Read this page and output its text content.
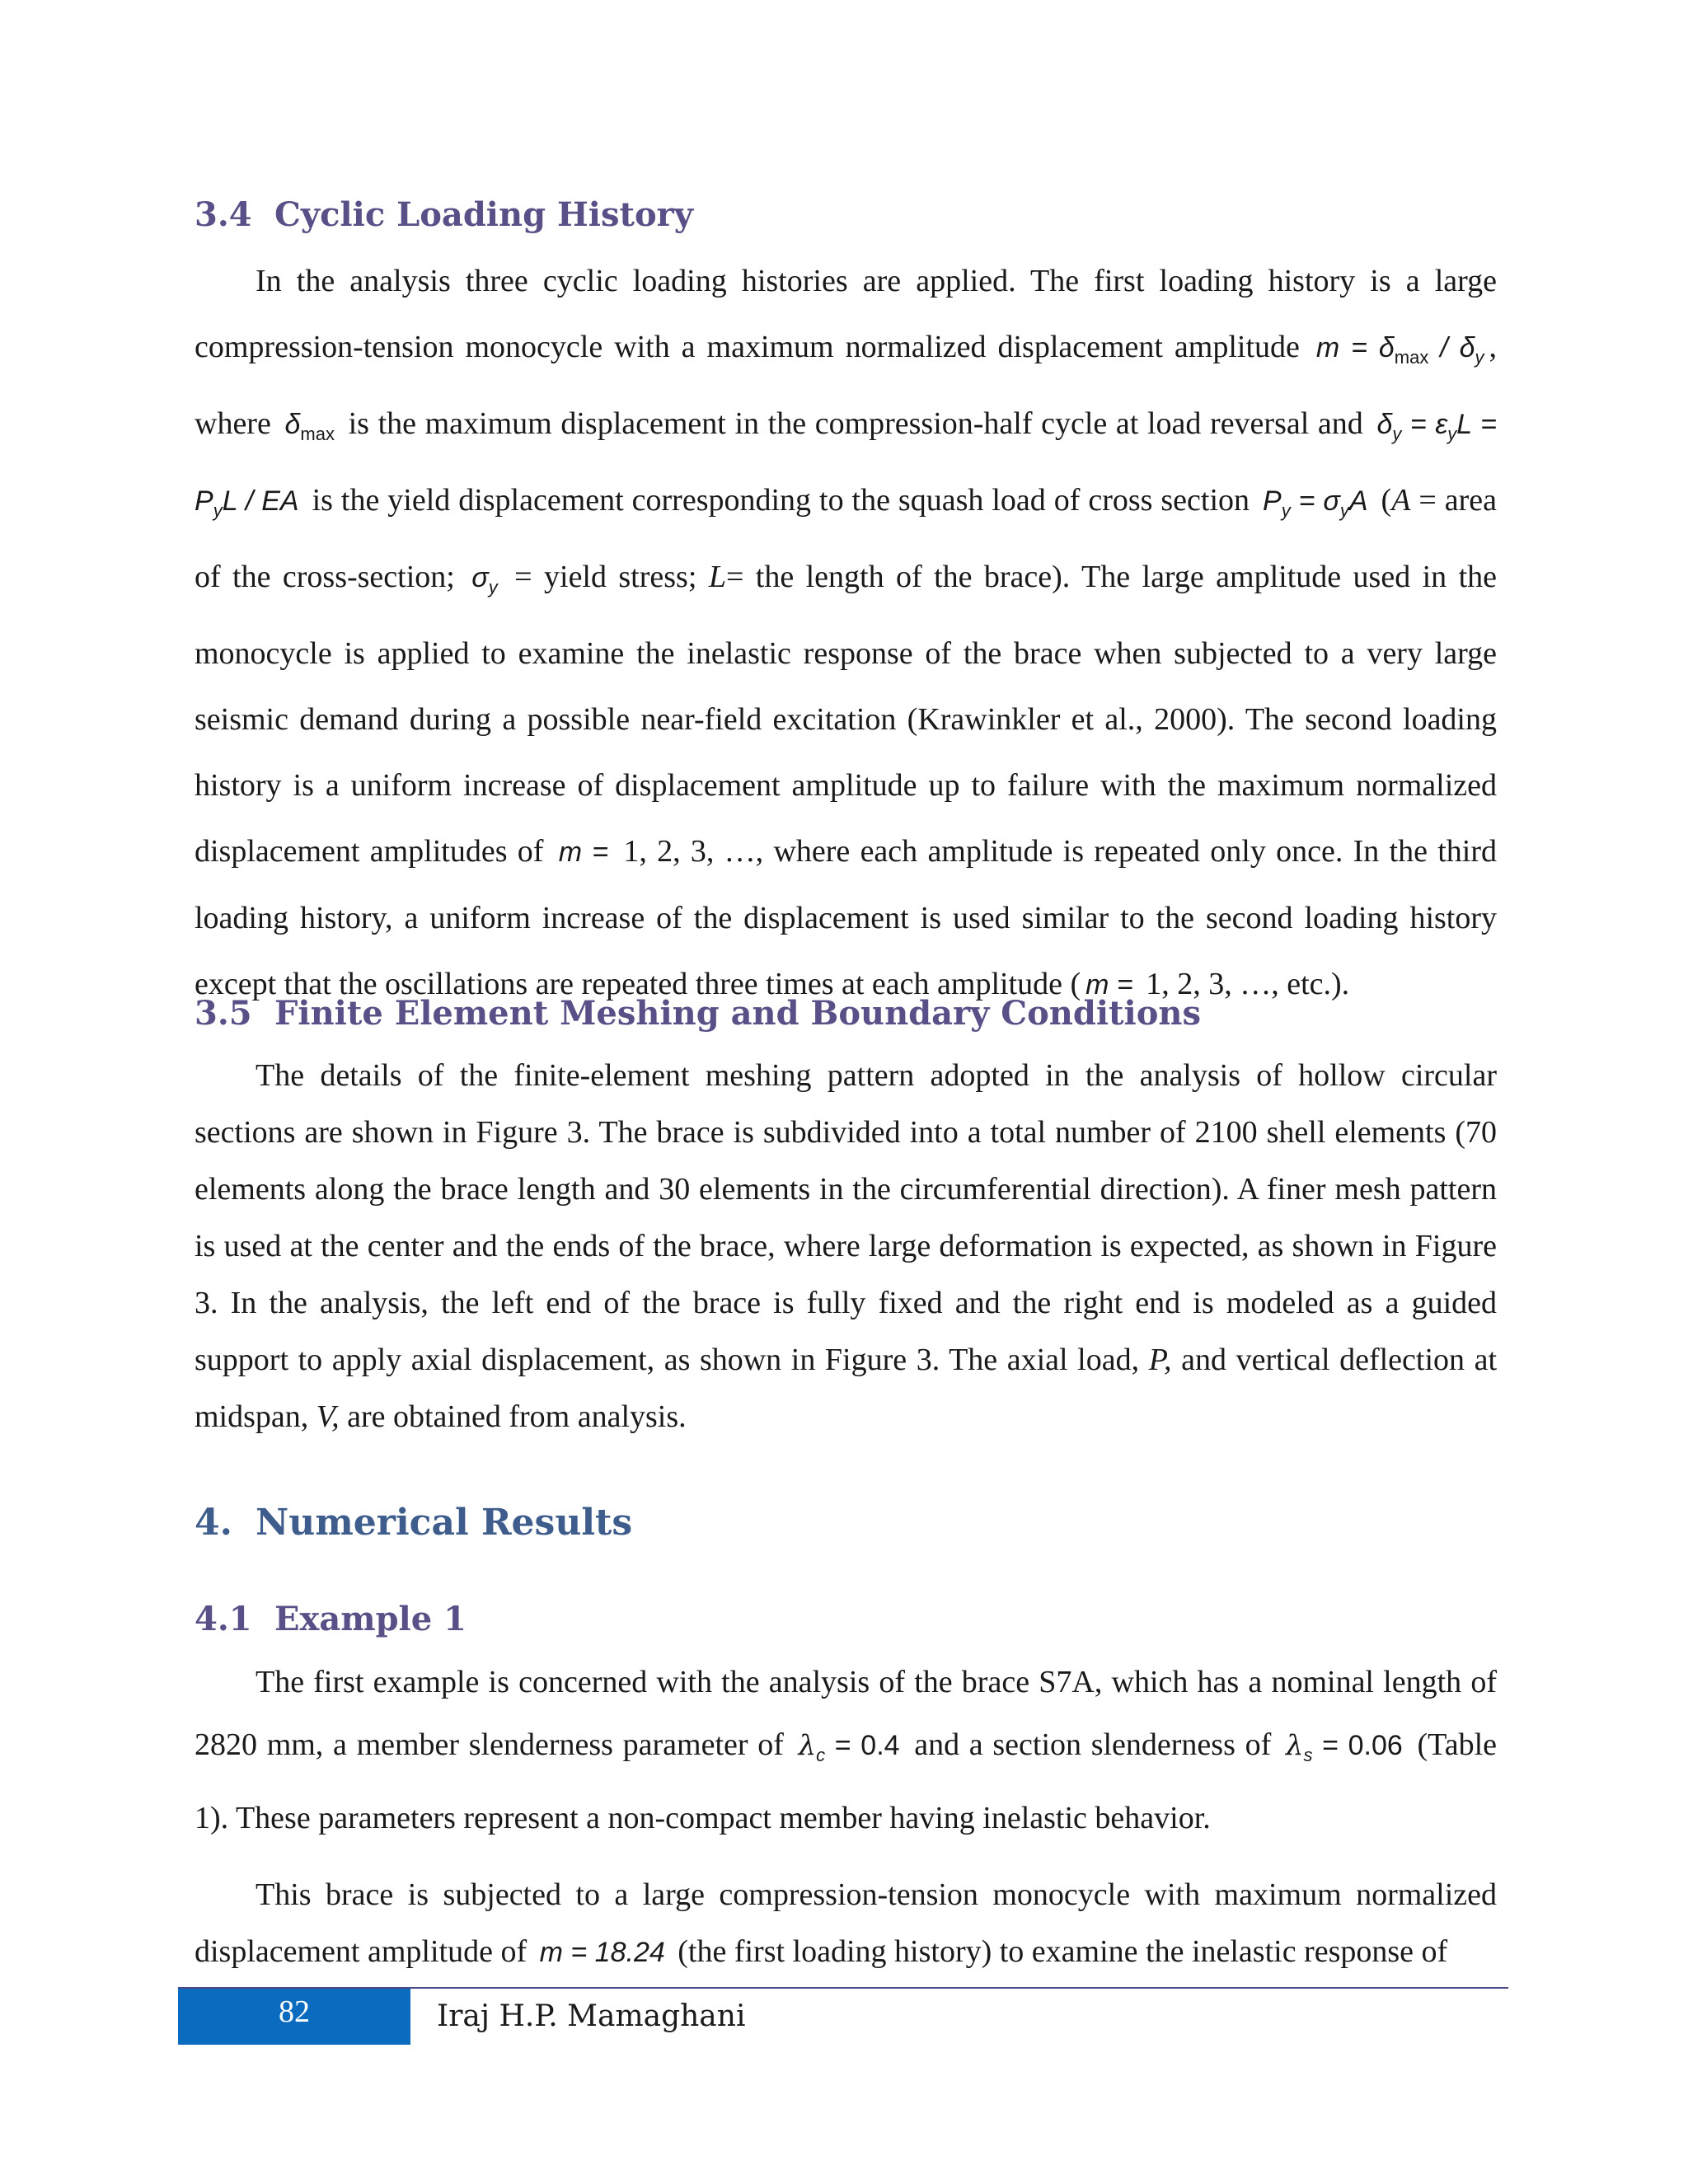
3.4 Cyclic Loading History

In the analysis three cyclic loading histories are applied. The first loading history is a large compression-tension monocycle with a maximum normalized displacement amplitude $m = \delta_{max} / \delta_y$ , where $\delta_{max}$ is the maximum displacement in the compression-half cycle at load reversal and $\delta_y = \varepsilon_yL = P_yL$ / EA is the yield displacement corresponding to the squash load of cross section $P_y = \sigma_yA$ (A = area of the cross-section; $\sigma_y$ = yield stress; L= the length of the brace). The large amplitude used in the monocycle is applied to examine the inelastic response of the brace when subjected to a very large seismic demand during a possible near-field excitation (Krawinkler et al., 2000). The second loading history is a uniform increase of displacement amplitude up to failure with the maximum normalized displacement amplitudes of m = 1, 2, 3, …, where each amplitude is repeated only once. In the third loading history, a uniform increase of the displacement is used similar to the second loading history except that the oscillations are repeated three times at each amplitude ( m = 1, 2, 3, …, etc.).

3.5 Finite Element Meshing and Boundary Conditions

The details of the finite-element meshing pattern adopted in the analysis of hollow circular sections are shown in Figure 3. The brace is subdivided into a total number of 2100 shell elements (70 elements along the brace length and 30 elements in the circumferential direction). A finer mesh pattern is used at the center and the ends of the brace, where large deformation is expected, as shown in Figure 3. In the analysis, the left end of the brace is fully fixed and the right end is modeled as a guided support to apply axial displacement, as shown in Figure 3. The axial load, P, and vertical deflection at midspan, V, are obtained from analysis.

4. Numerical Results
4.1 Example 1

The first example is concerned with the analysis of the brace S7A, which has a nominal length of 2820 mm, a member slenderness parameter of $\lambda_c = 0.4$ and a section slenderness of $\lambda_s = 0.06$ (Table 1). These parameters represent a non-compact member having inelastic behavior.

This brace is subjected to a large compression-tension monocycle with maximum normalized displacement amplitude of m = 18.24 (the first loading history) to examine the inelastic response of

82	Iraj H.P. Mamaghani
